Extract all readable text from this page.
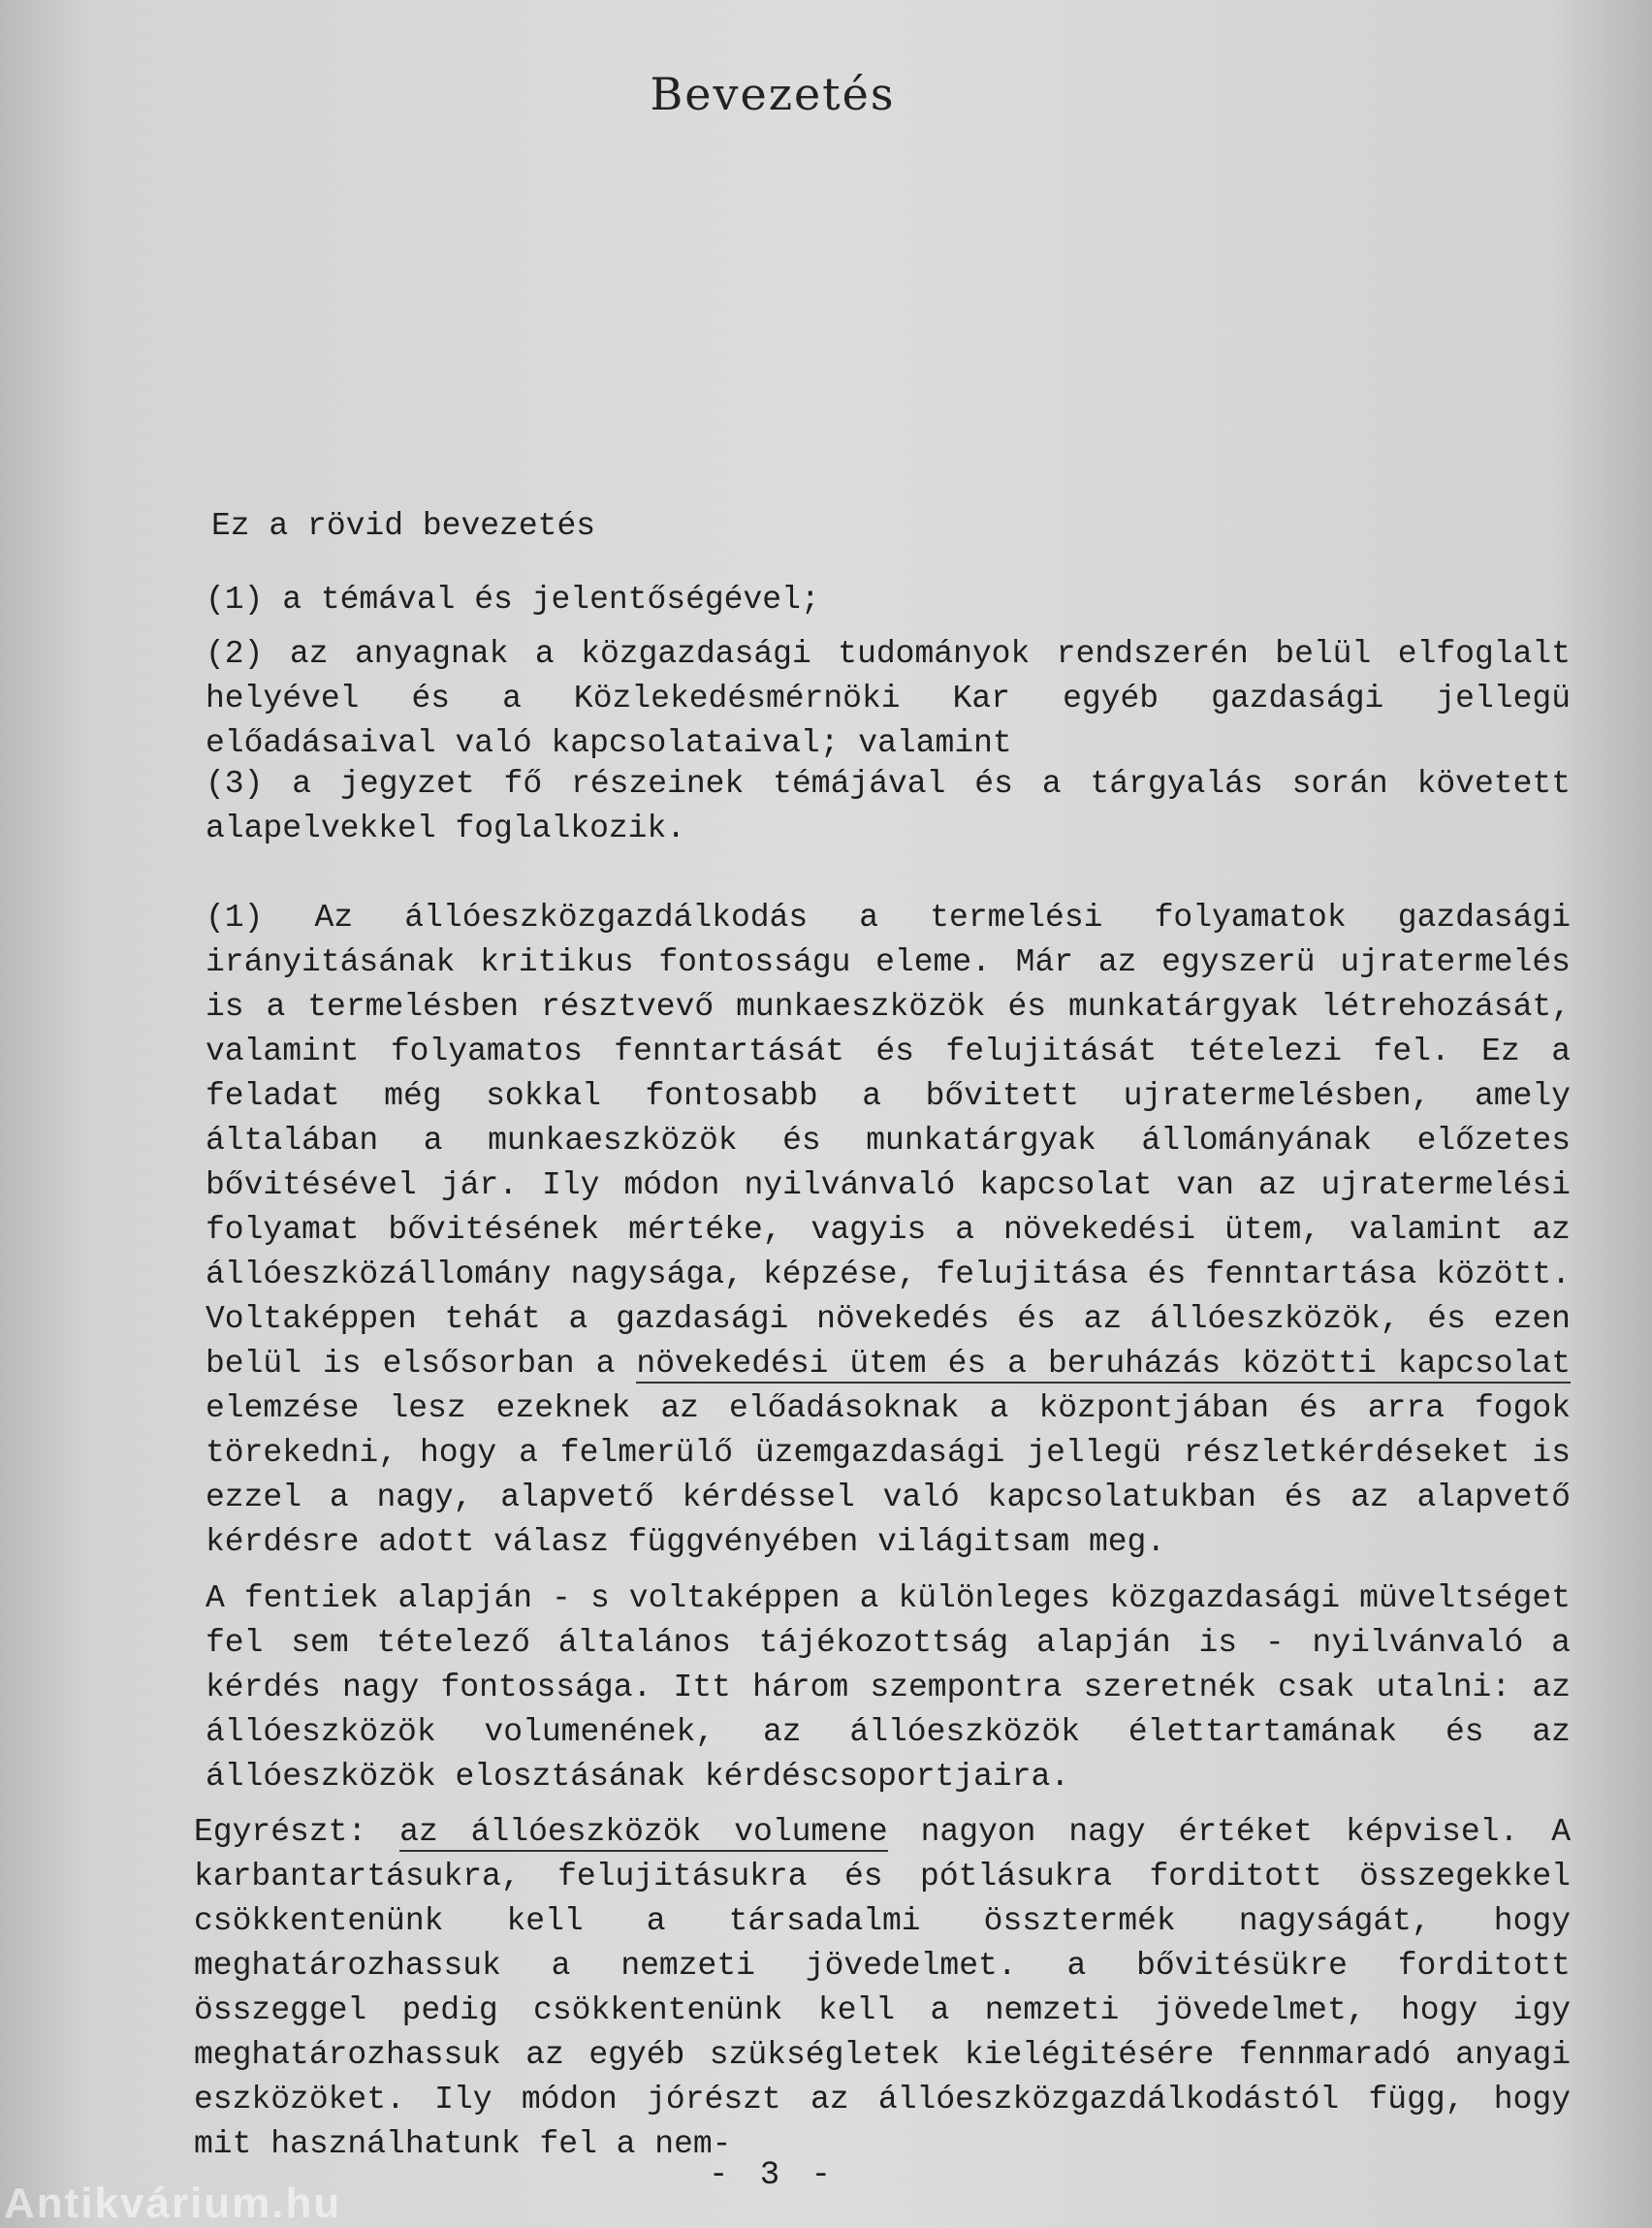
Bevezetés

Ez a rövid bevezetés

(1) a témával és jelentőségével;

(2) az anyagnak a közgazdasági tudományok rendszerén belül elfoglalt helyével és a Közlekedésmérnöki Kar egyéb gazdasági jellegü előadásaival való kapcsolataival; valamint

(3) a jegyzet fő részeinek témájával és a tárgyalás során követett alapelvekkel foglalkozik.

(1) Az állóeszközgazdálkodás a termelési folyamatok gazdasági irányitásának kritikus fontosságu eleme. Már az egyszerü ujratermelés is a termelésben résztvevő munkaeszközök és munkatárgyak létrehozását, valamint folyamatos fenntartását és felujitását tételezi fel. Ez a feladat még sokkal fontosabb a bővitett ujratermelésben, amely általában a munkaeszközök és munkatárgyak állományának előzetes bővitésével jár. Ily módon nyilvánvaló kapcsolat van az ujratermelési folyamat bővitésének mértéke, vagyis a növekedési ütem, valamint az állóeszközállomány nagysága, képzése, felujitása és fenntartása között. Voltaképpen tehát a gazdasági növekedés és az állóeszközök, és ezen belül is elsősorban a növekedési ütem és a beruházás közötti kapcsolat elemzése lesz ezeknek az előadásoknak a központjában és arra fogok törekedni, hogy a felmerülő üzemgazdasági jellegü részletkérdéseket is ezzel a nagy, alapvető kérdéssel való kapcsolatukban és az alapvető kérdésre adott válasz függvényében világitsam meg.

A fentiek alapján - s voltaképpen a különleges közgazdasági müveltséget fel sem tételező általános tájékozottság alapján is - nyilvánvaló a kérdés nagy fontossága. Itt három szempontra szeretnék csak utalni: az állóeszközök volumenének, az állóeszközök élettartamának és az állóeszközök elosztásának kérdéscsoportjaira.

Egyrészt: az állóeszközök volumene nagyon nagy értéket képvisel. A karbantartásukra, felujitásukra és pótlásukra forditott összegekkel csökkentenünk kell a társadalmi össztermék nagyságát, hogy meghatározhassuk a nemzeti jövedelmet. a bővitésükre forditott összeggel pedig csökkentenünk kell a nemzeti jövedelmet, hogy igy meghatározhassuk az egyéb szükségletek kielégitésére fennmaradó anyagi eszközöket. Ily módon jórészt az állóeszközgazdálkodástól függ, hogy mit használhatunk fel a nem-

- 3 -
Antikvárium.hu
